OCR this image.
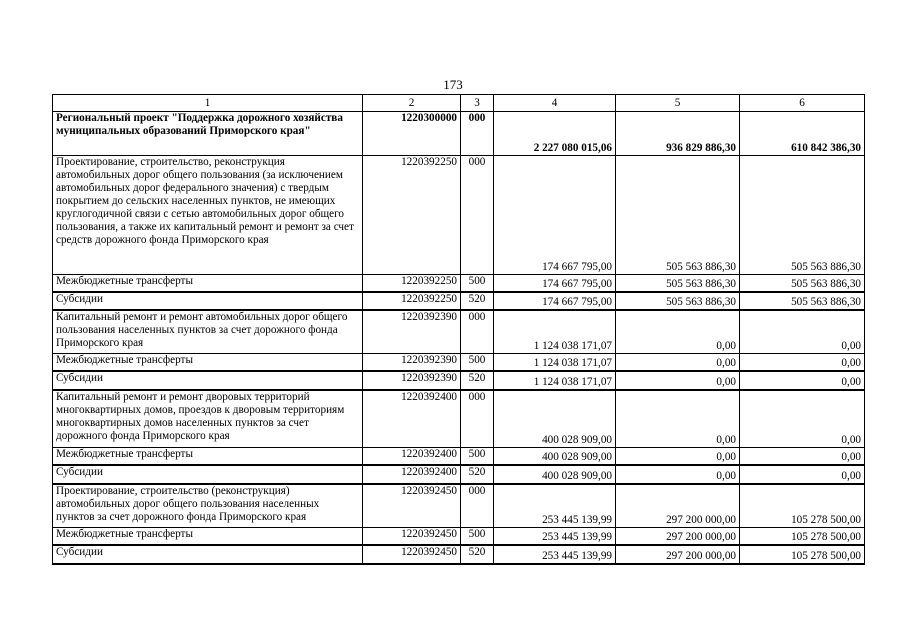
173
1	2	3	4	5	6
Региональный проект "Поддержка дорожного хозяйства муниципальных образований Приморского края"	1220300000	000	2 227 080 015,06	936 829 886,30	610 842 386,30
Проектирование, строительство, реконструкция автомобильных дорог общего пользования (за исключением автомобильных дорог федерального значения) с твердым покрытием до сельских населенных пунктов, не имеющих круглогодичной связи с сетью автомобильных дорог общего пользования, а также их капитальный ремонт и ремонт за счет средств дорожного фонда Приморского края	1220392250	000	174 667 795,00	505 563 886,30	505 563 886,30
Межбюджетные трансферты	1220392250	500	174 667 795,00	505 563 886,30	505 563 886,30
Субсидии	1220392250	520	174 667 795,00	505 563 886,30	505 563 886,30
Капитальный ремонт и ремонт автомобильных дорог общего пользования населенных пунктов за счет дорожного фонда Приморского края	1220392390	000	1 124 038 171,07	0,00	0,00
Межбюджетные трансферты	1220392390	500	1 124 038 171,07	0,00	0,00
Субсидии	1220392390	520	1 124 038 171,07	0,00	0,00
Капитальный ремонт и ремонт дворовых территорий многоквартирных домов, проездов к дворовым территориям многоквартирных домов населенных пунктов за счет дорожного фонда Приморского края	1220392400	000	400 028 909,00	0,00	0,00
Межбюджетные трансферты	1220392400	500	400 028 909,00	0,00	0,00
Субсидии	1220392400	520	400 028 909,00	0,00	0,00
Проектирование, строительство (реконструкция) автомобильных дорог общего пользования населенных пунктов за счет дорожного фонда Приморского края	1220392450	000	253 445 139,99	297 200 000,00	105 278 500,00
Межбюджетные трансферты	1220392450	500	253 445 139,99	297 200 000,00	105 278 500,00
Субсидии	1220392450	520	253 445 139,99	297 200 000,00	105 278 500,00
